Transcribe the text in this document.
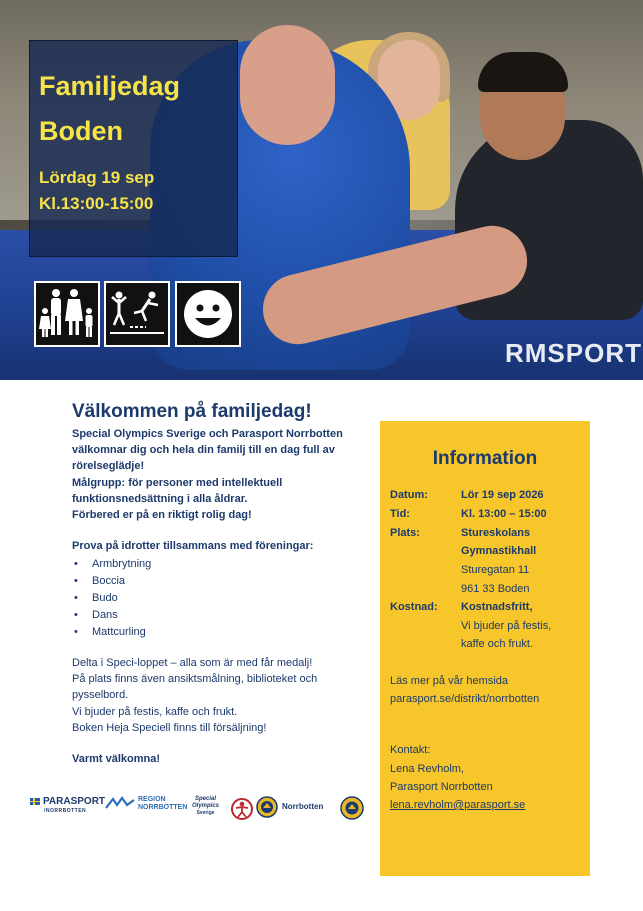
RMSPORT
Familjedag
Boden
Lördag 19 sep
Kl.13:00-15:00
Välkommen på familjedag!

Special Olympics Sverige och Parasport Norrbotten välkomnar dig och hela din familj till en dag full av rörelseglädje!

Målgrupp: för personer med intellektuell funktionsnedsättning i alla åldrar.

Förbered er på en riktigt rolig dag!

Prova på idrotter tillsammans med föreningar:
• Armbrytning
• Boccia
• Budo
• Dans
• Mattcurling

Delta i Speci-loppet – alla som är med får medalj!

På plats finns även ansiktsmålning, biblioteket och pysselbord.

Vi bjuder på festis, kaffe och frukt.

Boken Heja Speciell finns till försäljning!

Varmt välkomna!
PARASPORT
/NORRBOTTEN
REGION
NORRBOTTEN
Special
Olympics
Sverige
Norrbotten
Information
Datum:	Lör 19 sep 2026
Tid:	Kl. 13:00 – 15:00
Plats:	Stureskolans
Gymnastikhall
Sturegatan 11
961 33 Boden
Kostnad: Kostnadsfritt,
Vi bjuder på festis,
kaffe och frukt.
Läs mer på vår hemsida
parasport.se/distrikt/norrbotten
Kontakt:
Lena Revholm,
Parasport Norrbotten
lena.revholm@parasport.se
